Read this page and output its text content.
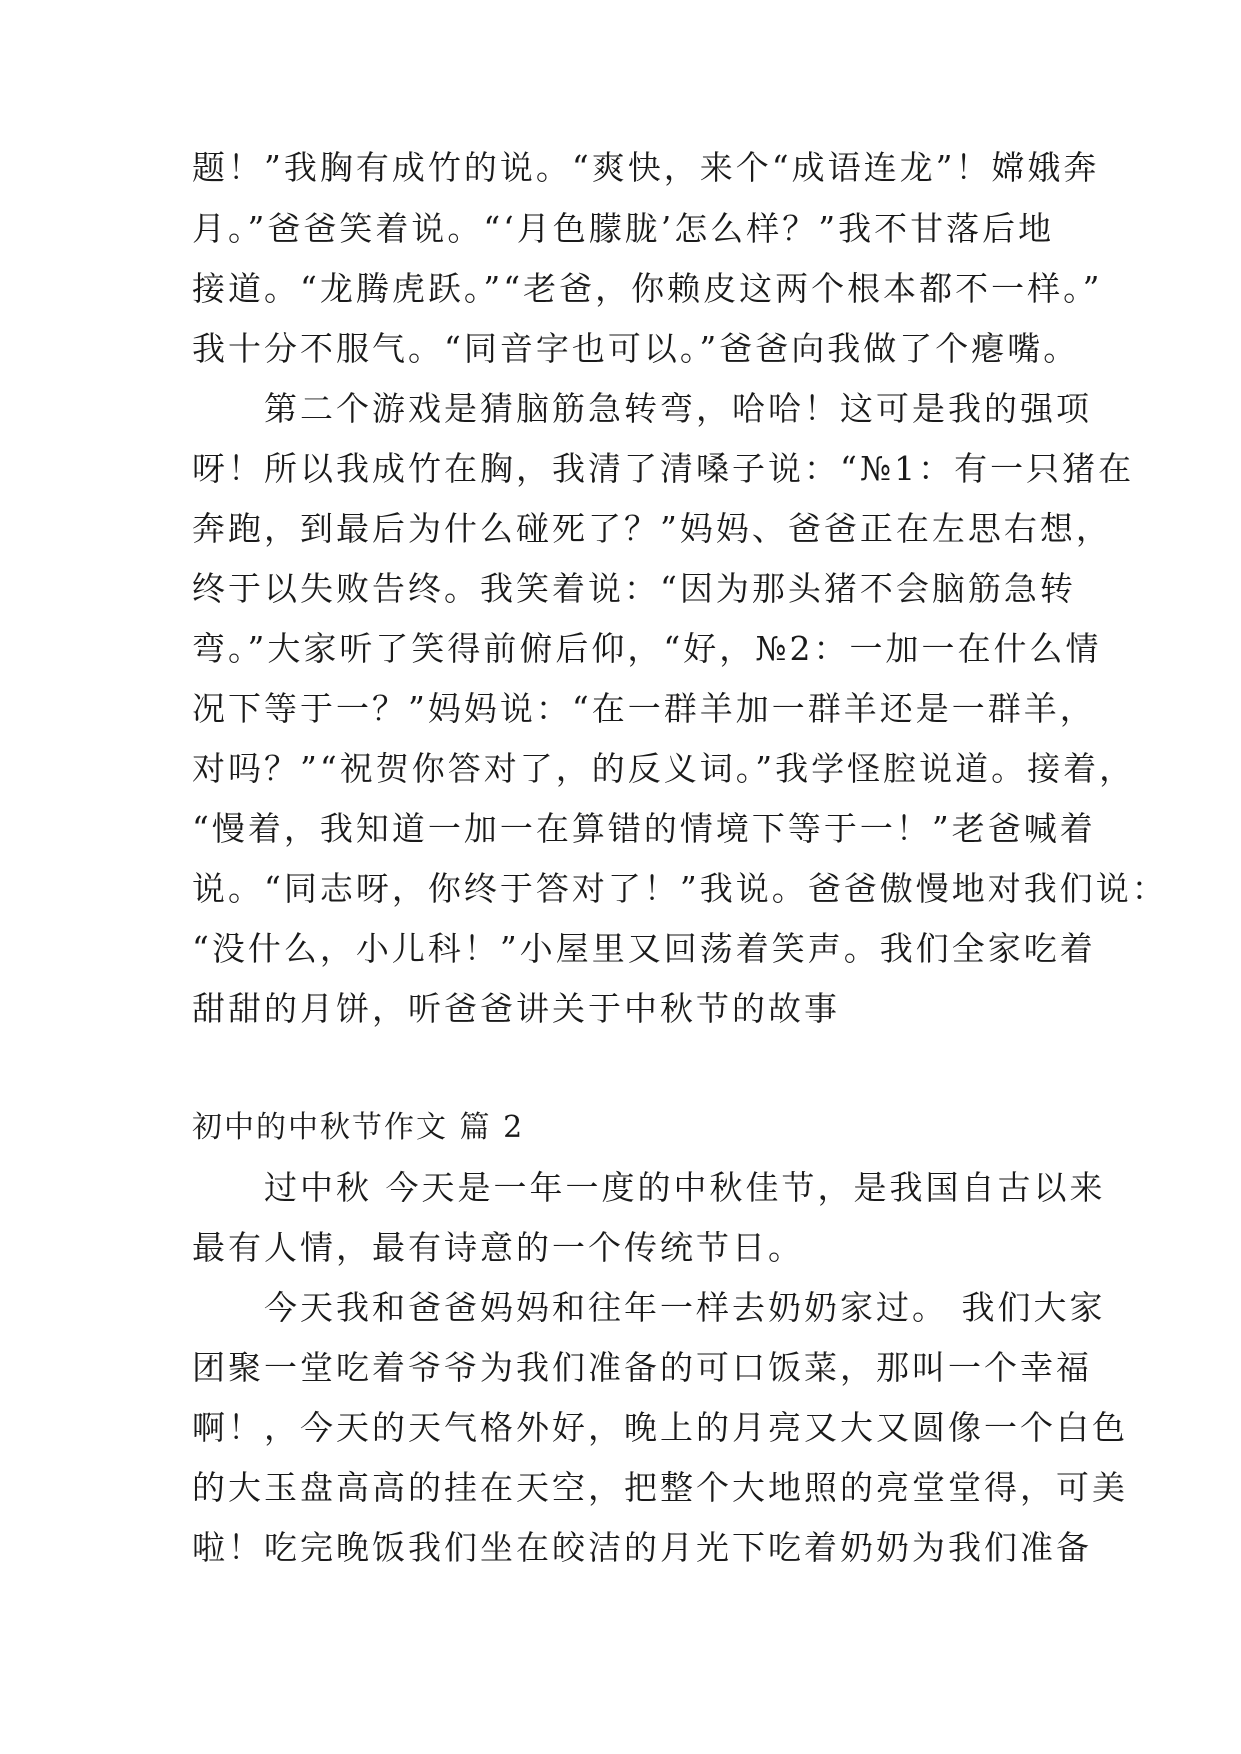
题！”我胸有成竹的说。“爽快，来个“成语连龙”！嫦娥奔
月。”爸爸笑着说。“‘月色朦胧’怎么样？”我不甘落后地
接道。“龙腾虎跃。”“老爸，你赖皮这两个根本都不一样。”
我十分不服气。“同音字也可以。”爸爸向我做了个瘪嘴。
　　第二个游戏是猜脑筋急转弯，哈哈！这可是我的强项
呀！所以我成竹在胸，我清了清嗓子说：“№1：有一只猪在
奔跑，到最后为什么碰死了？”妈妈、爸爸正在左思右想，
终于以失败告终。我笑着说：“因为那头猪不会脑筋急转
弯。”大家听了笑得前俯后仰，“好，№2：一加一在什么情
况下等于一？”妈妈说：“在一群羊加一群羊还是一群羊，
对吗？”“祝贺你答对了，的反义词。”我学怪腔说道。接着，
“慢着，我知道一加一在算错的情境下等于一！”老爸喊着
说。“同志呀，你终于答对了！”我说。爸爸傲慢地对我们说：
“没什么，小儿科！”小屋里又回荡着笑声。我们全家吃着
甜甜的月饼，听爸爸讲关于中秋节的故事
初中的中秋节作文 篇 2
　　过中秋 今天是一年一度的中秋佳节，是我国自古以来
最有人情，最有诗意的一个传统节日。
　　今天我和爸爸妈妈和往年一样去奶奶家过。 我们大家
团聚一堂吃着爷爷为我们准备的可口饭菜，那叫一个幸福
啊！，今天的天气格外好，晚上的月亮又大又圆像一个白色
的大玉盘高高的挂在天空，把整个大地照的亮堂堂得，可美
啦！吃完晚饭我们坐在皎洁的月光下吃着奶奶为我们准备
